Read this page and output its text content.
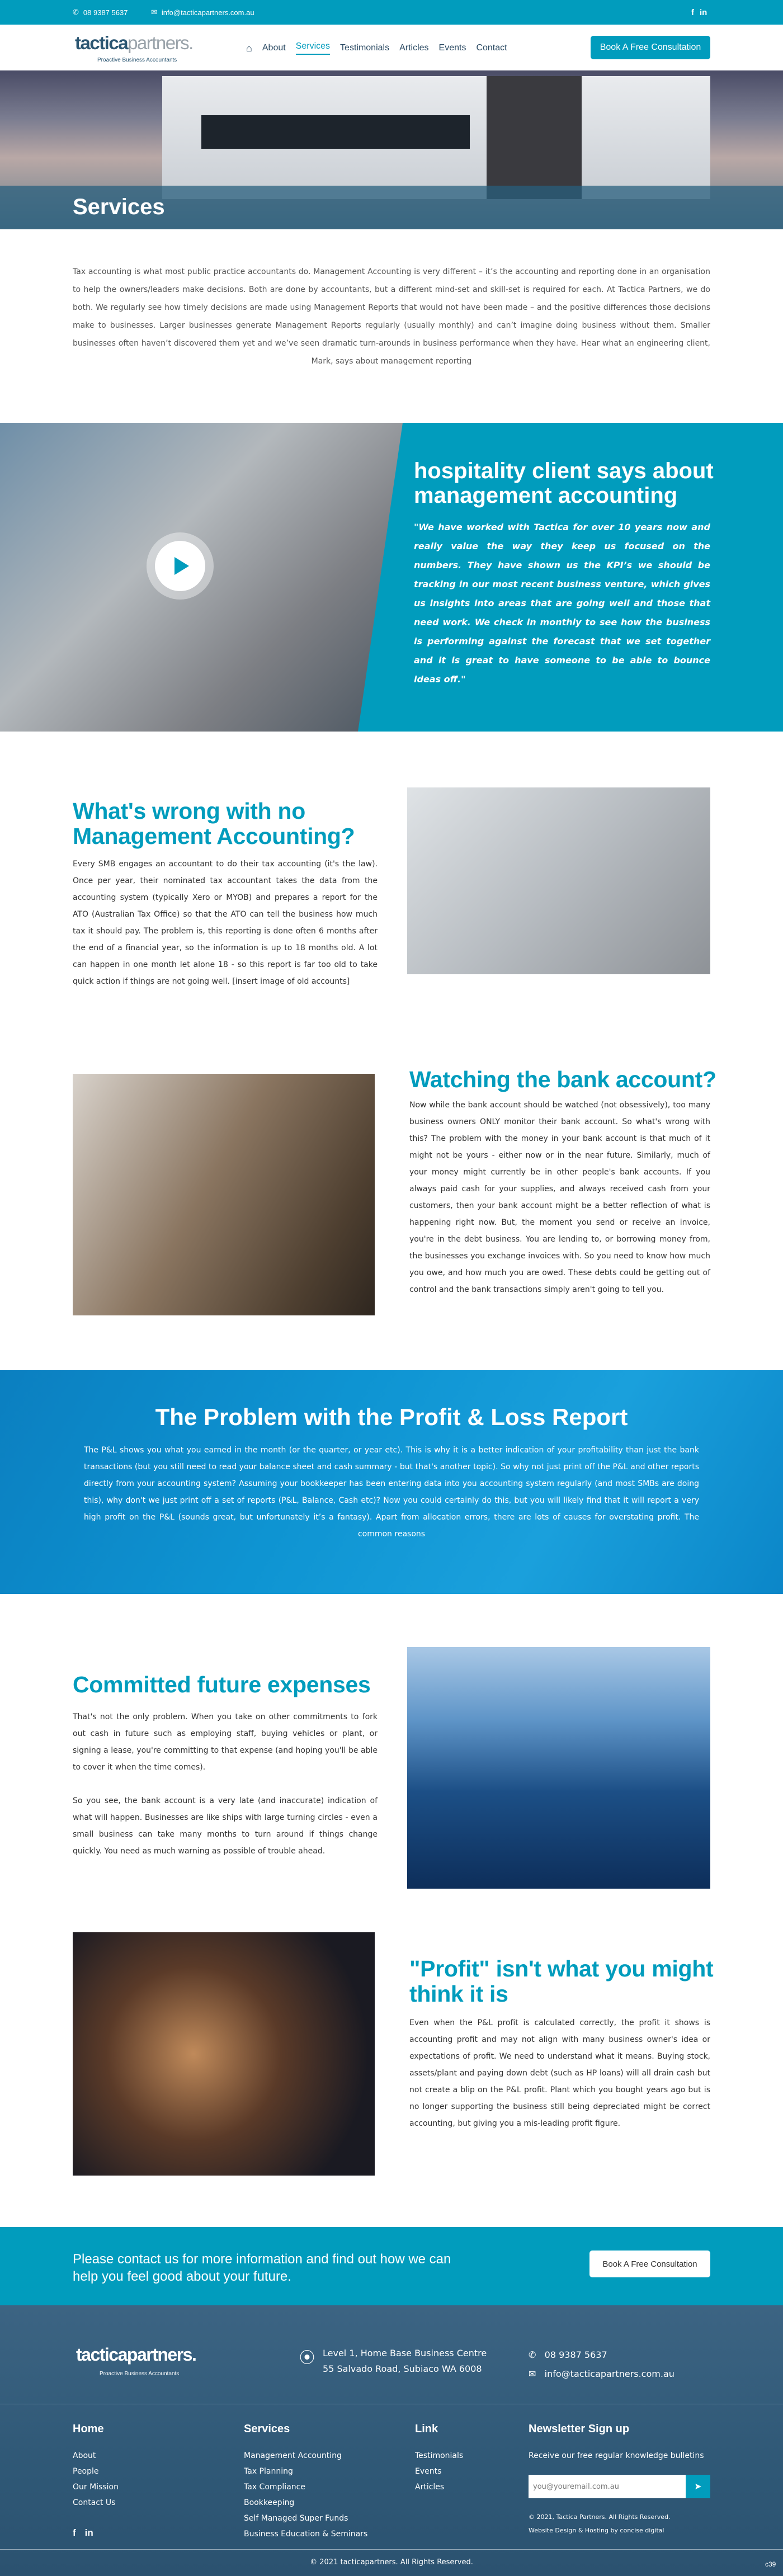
✆ 08 9387 5637	✉ info@tacticapartners.com.au	f in
tacticapartners.
Proactive Business Accountants
⌂ About Services Testimonials Articles Events Contact	Book A Free Consultation
Services

Tax accounting is what most public practice accountants do. Management Accounting is very different – it’s the accounting and reporting done in an organisation to help the owners/leaders make decisions. Both are done by accountants, but a different mind-set and skill-set is required for each. At Tactica Partners, we do both. We regularly see how timely decisions are made using Management Reports that would not have been made – and the positive differences those decisions make to businesses. Larger businesses generate Management Reports regularly (usually monthly) and can’t imagine doing business without them. Smaller businesses often haven’t discovered them yet and we’ve seen dramatic turn-arounds in business performance when they have. Hear what an engineering client, Mark, says about management reporting

hospitality client says about management accounting

"We have worked with Tactica for over 10 years now and really value the way they keep us focused on the numbers. They have shown us the KPI’s we should be tracking in our most recent business venture, which gives us insights into areas that are going well and those that need work. We check in monthly to see how the business is performing against the forecast that we set together and it is great to have someone to be able to bounce ideas off."

What's wrong with no Management Accounting?

Every SMB engages an accountant to do their tax accounting (it's the law). Once per year, their nominated tax accountant takes the data from the accounting system (typically Xero or MYOB) and prepares a report for the ATO (Australian Tax Office) so that the ATO can tell the business how much tax it should pay. The problem is, this reporting is done often 6 months after the end of a financial year, so the information is up to 18 months old. A lot can happen in one month let alone 18 - so this report is far too old to take quick action if things are not going well. [insert image of old accounts]

Watching the bank account?

Now while the bank account should be watched (not obsessively), too many business owners ONLY monitor their bank account. So what's wrong with this? The problem with the money in your bank account is that much of it might not be yours - either now or in the near future. Similarly, much of your money might currently be in other people's bank accounts. If you always paid cash for your supplies, and always received cash from your customers, then your bank account might be a better reflection of what is happening right now. But, the moment you send or receive an invoice, you're in the debt business. You are lending to, or borrowing money from, the businesses you exchange invoices with. So you need to know how much you owe, and how much you are owed. These debts could be getting out of control and the bank transactions simply aren't going to tell you.

The Problem with the Profit & Loss Report

The P&L shows you what you earned in the month (or the quarter, or year etc). This is why it is a better indication of your profitability than just the bank transactions (but you still need to read your balance sheet and cash summary - but that's another topic). So why not just print off the P&L and other reports directly from your accounting system? Assuming your bookkeeper has been entering data into you accounting system regularly (and most SMBs are doing this), why don't we just print off a set of reports (P&L, Balance, Cash etc)? Now you could certainly do this, but you will likely find that it will report a very high profit on the P&L (sounds great, but unfortunately it’s a fantasy). Apart from allocation errors, there are lots of causes for overstating profit. The common reasons

Committed future expenses

That's not the only problem. When you take on other commitments to fork out cash in future such as employing staff, buying vehicles or plant, or signing a lease, you're committing to that expense (and hoping you'll be able to cover it when the time comes).

So you see, the bank account is a very late (and inaccurate) indication of what will happen. Businesses are like ships with large turning circles - even a small business can take many months to turn around if things change quickly. You need as much warning as possible of trouble ahead.

"Profit" isn't what you might think it is

Even when the P&L profit is calculated correctly, the profit it shows is accounting profit and may not align with many business owner's idea or expectations of profit. We need to understand what it means. Buying stock, assets/plant and paying down debt (such as HP loans) will all drain cash but not create a blip on the P&L profit. Plant which you bought years ago but is no longer supporting the business still being depreciated might be correct accounting, but giving you a mis-leading profit figure.

Please contact us for more information and find out how we can help you feel good about your future.

Book A Free Consultation
tacticapartners.
Proactive Business Accountants
⦿ Level 1, Home Base Business Centre
55 Salvado Road, Subiaco WA 6008
✆ 08 9387 5637
✉ info@tacticapartners.com.au
Home
About
People
Our Mission
Contact Us
f in
Services
Management Accounting
Tax Planning
Tax Compliance
Bookkeeping
Self Managed Super Funds
Business Education & Seminars
Link
Testimonials
Events
Articles
Newsletter Sign up
Receive our free regular knowledge bulletins
you@youremail.com.au
➤
© 2021, Tactica Partners. All Rights Reserved.
Website Design & Hosting by concise digital
© 2021 tacticapartners. All Rights Reserved.	c39
